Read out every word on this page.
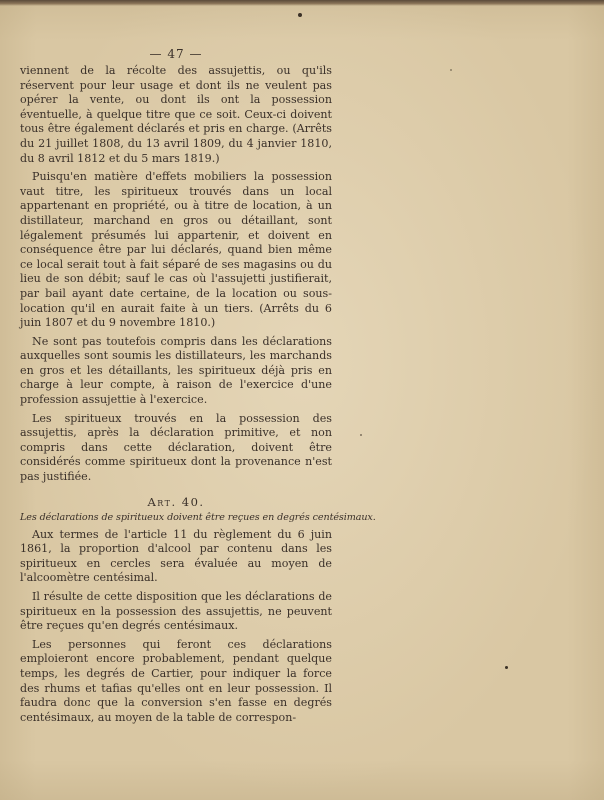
— 47 —

viennent de la récolte des assujettis, ou qu'ils réservent pour leur usage et dont ils ne veulent pas opérer la vente, ou dont ils ont la possession éventuelle, à quelque titre que ce soit. Ceux-ci doivent tous être également déclarés et pris en charge. (Arrêts du 21 juillet 1808, du 13 avril 1809, du 4 janvier 1810, du 8 avril 1812 et du 5 mars 1819.)

Puisqu'en matière d'effets mobiliers la possession vaut titre, les spiritueux trouvés dans un local appartenant en propriété, ou à titre de location, à un distillateur, marchand en gros ou détaillant, sont légalement présumés lui appartenir, et doivent en conséquence être par lui déclarés, quand bien même ce local serait tout à fait séparé de ses magasins ou du lieu de son débit; sauf le cas où l'assujetti justifierait, par bail ayant date certaine, de la location ou sous-location qu'il en aurait faite à un tiers. (Arrêts du 6 juin 1807 et du 9 novembre 1810.)

Ne sont pas toutefois compris dans les déclarations auxquelles sont soumis les distillateurs, les marchands en gros et les détaillants, les spiritueux déjà pris en charge à leur compte, à raison de l'exercice d'une profession assujettie à l'exercice.

Les spiritueux trouvés en la possession des assujettis, après la déclaration primitive, et non compris dans cette déclaration, doivent être considérés comme spiritueux dont la provenance n'est pas justifiée.

Art. 40.
Les déclarations de spiritueux doivent être reçues en degrés centésimaux.

Aux termes de l'article 11 du règlement du 6 juin 1861, la proportion d'alcool par contenu dans les spiritueux en cercles sera évaluée au moyen de l'alcoomètre centésimal.

Il résulte de cette disposition que les déclarations de spiritueux en la possession des assujettis, ne peuvent être reçues qu'en degrés centésimaux.

Les personnes qui feront ces déclarations emploieront encore probablement, pendant quelque temps, les degrés de Cartier, pour indiquer la force des rhums et tafias qu'elles ont en leur possession. Il faudra donc que la conversion s'en fasse en degrés centésimaux, au moyen de la table de correspon-
